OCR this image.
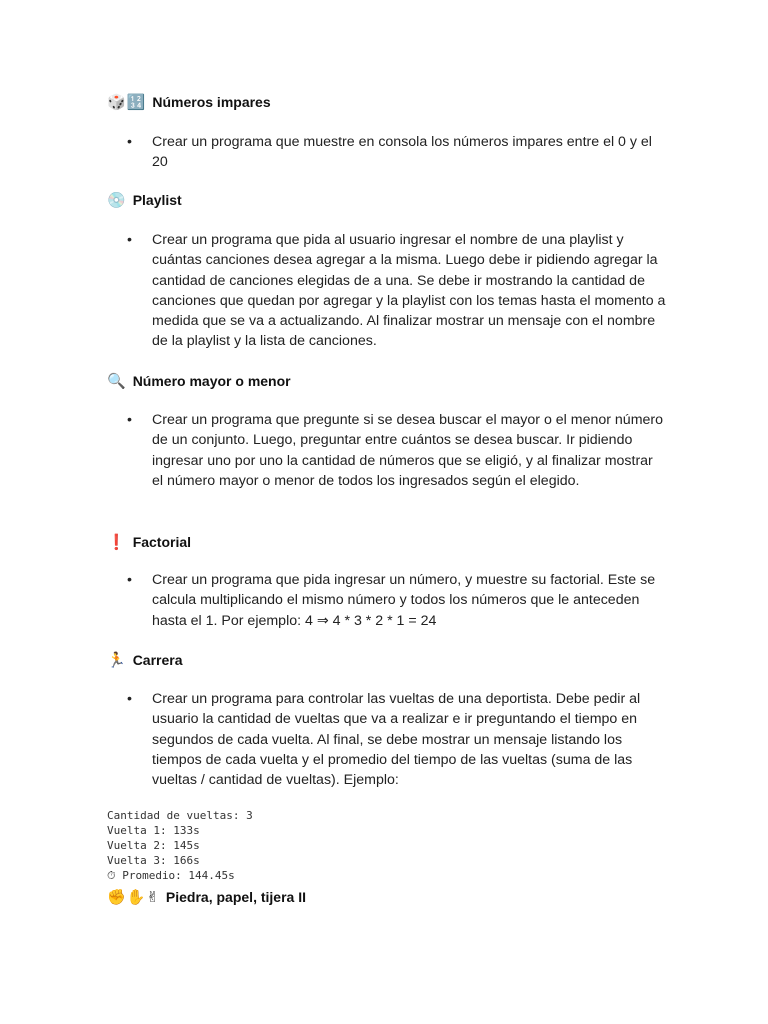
🎲🔢 Números impares
•	Crear un programa que muestre en consola los números impares entre el 0 y el 20
💿 Playlist
•	Crear un programa que pida al usuario ingresar el nombre de una playlist y cuántas canciones desea agregar a la misma. Luego debe ir pidiendo agregar la cantidad de canciones elegidas de a una. Se debe ir mostrando la cantidad de canciones que quedan por agregar y la playlist con los temas hasta el momento a medida que se va a actualizando. Al finalizar mostrar un mensaje con el nombre de la playlist y la lista de canciones.
🔍 Número mayor o menor
•	Crear un programa que pregunte si se desea buscar el mayor o el menor número de un conjunto. Luego, preguntar entre cuántos se desea buscar. Ir pidiendo ingresar uno por uno la cantidad de números que se eligió, y al finalizar mostrar el número mayor o menor de todos los ingresados según el elegido.
❗ Factorial
•	Crear un programa que pida ingresar un número, y muestre su factorial. Este se calcula multiplicando el mismo número y todos los números que le anteceden hasta el 1. Por ejemplo: 4 ⇒ 4 * 3 * 2 * 1 = 24
🏃 Carrera
•	Crear un programa para controlar las vueltas de una deportista. Debe pedir al usuario la cantidad de vueltas que va a realizar e ir preguntando el tiempo en segundos de cada vuelta. Al final, se debe mostrar un mensaje listando los tiempos de cada vuelta y el promedio del tiempo de las vueltas (suma de las vueltas / cantidad de vueltas). Ejemplo:
Cantidad de vueltas: 3
Vuelta 1: 133s
Vuelta 2: 145s
Vuelta 3: 166s
⏱ Promedio: 144.45s
✊✋✌ Piedra, papel, tijera II
